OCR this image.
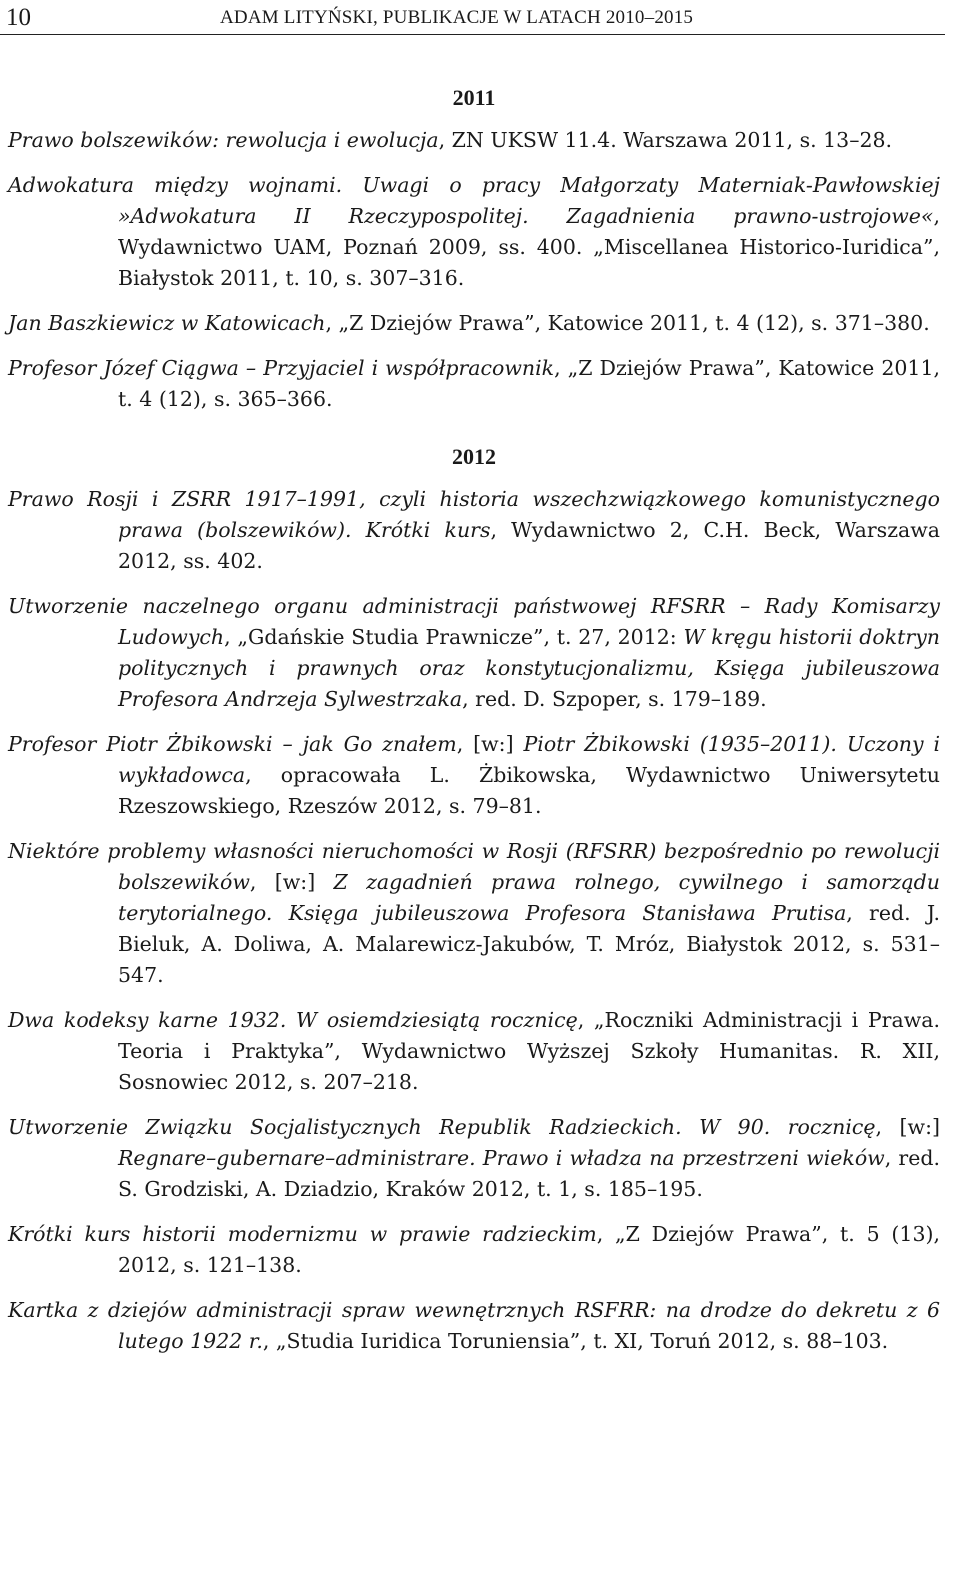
10	ADAM LITYŃSKI, PUBLIKACJE W LATACH 2010–2015
2011

Prawo bolszewików: rewolucja i ewolucja, ZN UKSW 11.4. Warszawa 2011, s. 13–28.

Adwokatura między wojnami. Uwagi o pracy Małgorzaty Materniak-Pawłowskiej »Adwokatura II Rzeczypospolitej. Zagadnienia prawno-ustrojowe«, Wydawnictwo UAM, Poznań 2009, ss. 400. „Miscellanea Historico-Iuridica”, Białystok 2011, t. 10, s. 307–316.

Jan Baszkiewicz w Katowicach, „Z Dziejów Prawa”, Katowice 2011, t. 4 (12), s. 371–380.

Profesor Józef Ciągwa – Przyjaciel i współpracownik, „Z Dziejów Prawa”, Katowice 2011, t. 4 (12), s. 365–366.

2012

Prawo Rosji i ZSRR 1917–1991, czyli historia wszechzwiązkowego komunistycznego prawa (bolszewików). Krótki kurs, Wydawnictwo 2, C.H. Beck, Warszawa 2012, ss. 402.

Utworzenie naczelnego organu administracji państwowej RFSRR – Rady Komisarzy Ludowych, „Gdańskie Studia Prawnicze”, t. 27, 2012: W kręgu historii doktryn politycznych i prawnych oraz konstytucjonalizmu, Księga jubileuszowa Profesora Andrzeja Sylwestrzaka, red. D. Szpoper, s. 179–189.

Profesor Piotr Żbikowski – jak Go znałem, [w:] Piotr Żbikowski (1935–2011). Uczony i wykładowca, opracowała L. Żbikowska, Wydawnictwo Uniwersytetu Rzeszowskiego, Rzeszów 2012, s. 79–81.

Niektóre problemy własności nieruchomości w Rosji (RFSRR) bezpośrednio po rewolucji bolszewików, [w:] Z zagadnień prawa rolnego, cywilnego i samorządu terytorialnego. Księga jubileuszowa Profesora Stanisława Prutisa, red. J. Bieluk, A. Doliwa, A. Malarewicz-Jakubów, T. Mróz, Białystok 2012, s. 531–547.

Dwa kodeksy karne 1932. W osiemdziesiątą rocznicę, „Roczniki Administracji i Prawa. Teoria i Praktyka”, Wydawnictwo Wyższej Szkoły Humanitas. R. XII, Sosnowiec 2012, s. 207–218.

Utworzenie Związku Socjalistycznych Republik Radzieckich. W 90. rocznicę, [w:] Regnare–gubernare–administrare. Prawo i władza na przestrzeni wieków, red. S. Grodziski, A. Dziadzio, Kraków 2012, t. 1, s. 185–195.

Krótki kurs historii modernizmu w prawie radzieckim, „Z Dziejów Prawa”, t. 5 (13), 2012, s. 121–138.

Kartka z dziejów administracji spraw wewnętrznych RSFRR: na drodze do dekretu z 6 lutego 1922 r., „Studia Iuridica Toruniensia”, t. XI, Toruń 2012, s. 88–103.
